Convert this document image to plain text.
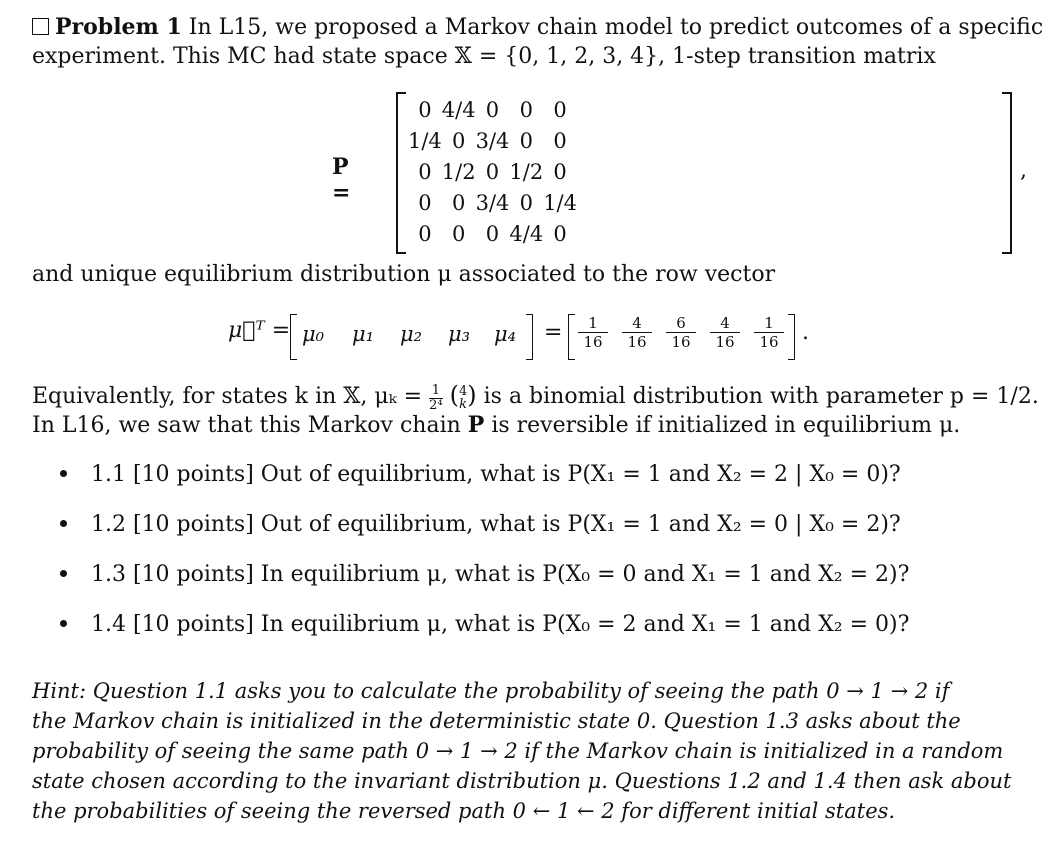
Problem 1 In L15, we proposed a Markov chain model to predict outcomes of a specific
experiment. This MC had state space 𝕏 = {0, 1, 2, 3, 4}, 1-step transition matrix
P =
0	4/4	0	0	0
1/4	0	3/4	0	0
0	1/2	0	1/2	0
0	0	3/4	0	1/4
0	0	0	4/4	0
,
and unique equilibrium distribution μ associated to the row vector
μ⃗ᵀ = μ₀ μ₁ μ₂ μ₃ $\mu_4 = \frac{1}{16} \frac{4}{16} \frac{6}{16} \frac{4}{16} \frac{1}{16}$ .
Equivalently, for states k in 𝕏, $\mu_k = \frac{1}{\text{2⁴}}$ ( 4
k ) is a binomial distribution with parameter p = 1/2.
In L16, we saw that this Markov chain P is reversible if initialized in equilibrium μ.
1.1 [10 points] Out of equilibrium, what is P(X₁ = 1 and X₂ = 2 | X₀ = 0)?
1.2 [10 points] Out of equilibrium, what is P(X₁ = 1 and X₂ = 0 | X₀ = 2)?
1.3 [10 points] In equilibrium μ, what is P(X₀ = 0 and X₁ = 1 and X₂ = 2)?
1.4 [10 points] In equilibrium μ, what is P(X₀ = 2 and X₁ = 1 and X₂ = 0)?
Hint: Question 1.1 asks you to calculate the probability of seeing the path 0 → 1 → 2 if
the Markov chain is initialized in the deterministic state 0. Question 1.3 asks about the
probability of seeing the same path 0 → 1 → 2 if the Markov chain is initialized in a random
state chosen according to the invariant distribution μ. Questions 1.2 and 1.4 then ask about
the probabilities of seeing the reversed path 0 ← 1 ← 2 for different initial states.
